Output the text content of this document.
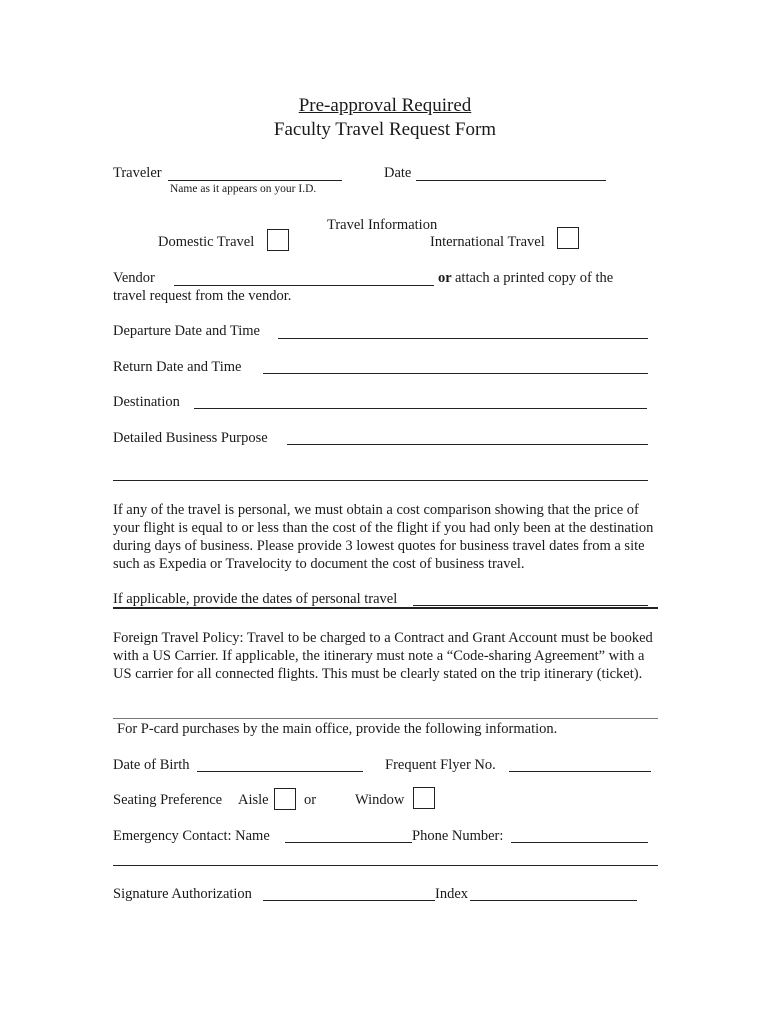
Pre-approval Required
Faculty Travel Request Form
Traveler
Name as it appears on your I.D.
Date
Travel Information
Domestic Travel	International Travel
Vendor	or attach a printed copy of the
travel request from the vendor.
Departure Date and Time
Return Date and Time
Destination
Detailed Business Purpose
If any of the travel is personal, we must obtain a cost comparison showing that the price of your flight is equal to or less than the cost of the flight if you had only been at the destination during days of business. Please provide 3 lowest quotes for business travel dates from a site such as Expedia or Travelocity to document the cost of business travel.
If applicable, provide the dates of personal travel
Foreign Travel Policy: Travel to be charged to a Contract and Grant Account must be booked with a US Carrier. If applicable, the itinerary must note a “Code-sharing Agreement” with a US carrier for all connected flights. This must be clearly stated on the trip itinerary (ticket).
For P-card purchases by the main office, provide the following information.
Date of Birth	Frequent Flyer No.
Seating Preference Aisle or	Window
Emergency Contact: Name	Phone Number:
Signature Authorization	Index
